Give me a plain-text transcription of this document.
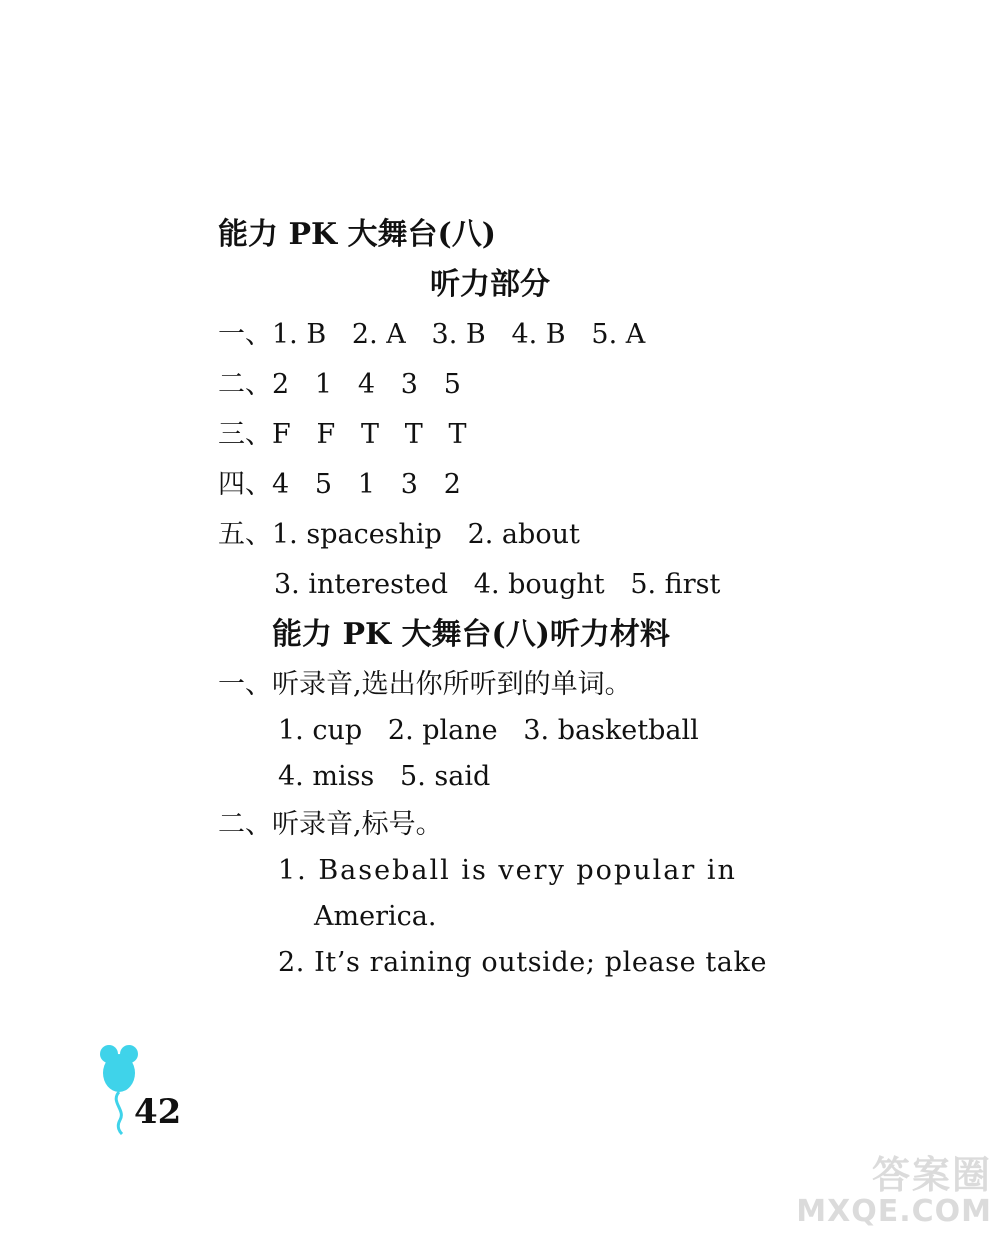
能力 PK 大舞台(八)
听力部分
一、1. B   2. A   3. B   4. B   5. A
二、2   1   4   3   5
三、F   F   T   T   T
四、4   5   1   3   2
五、1. spaceship   2. about
3. interested   4. bought   5. first
能力 PK 大舞台(八)听力材料
一、听录音,选出你所听到的单词。
1. cup   2. plane   3. basketball
4. miss   5. said
二、听录音,标号。
1. Baseball is very popular in
America.
2. It’s raining outside; please take
42
答案圈
MXQE.COM
